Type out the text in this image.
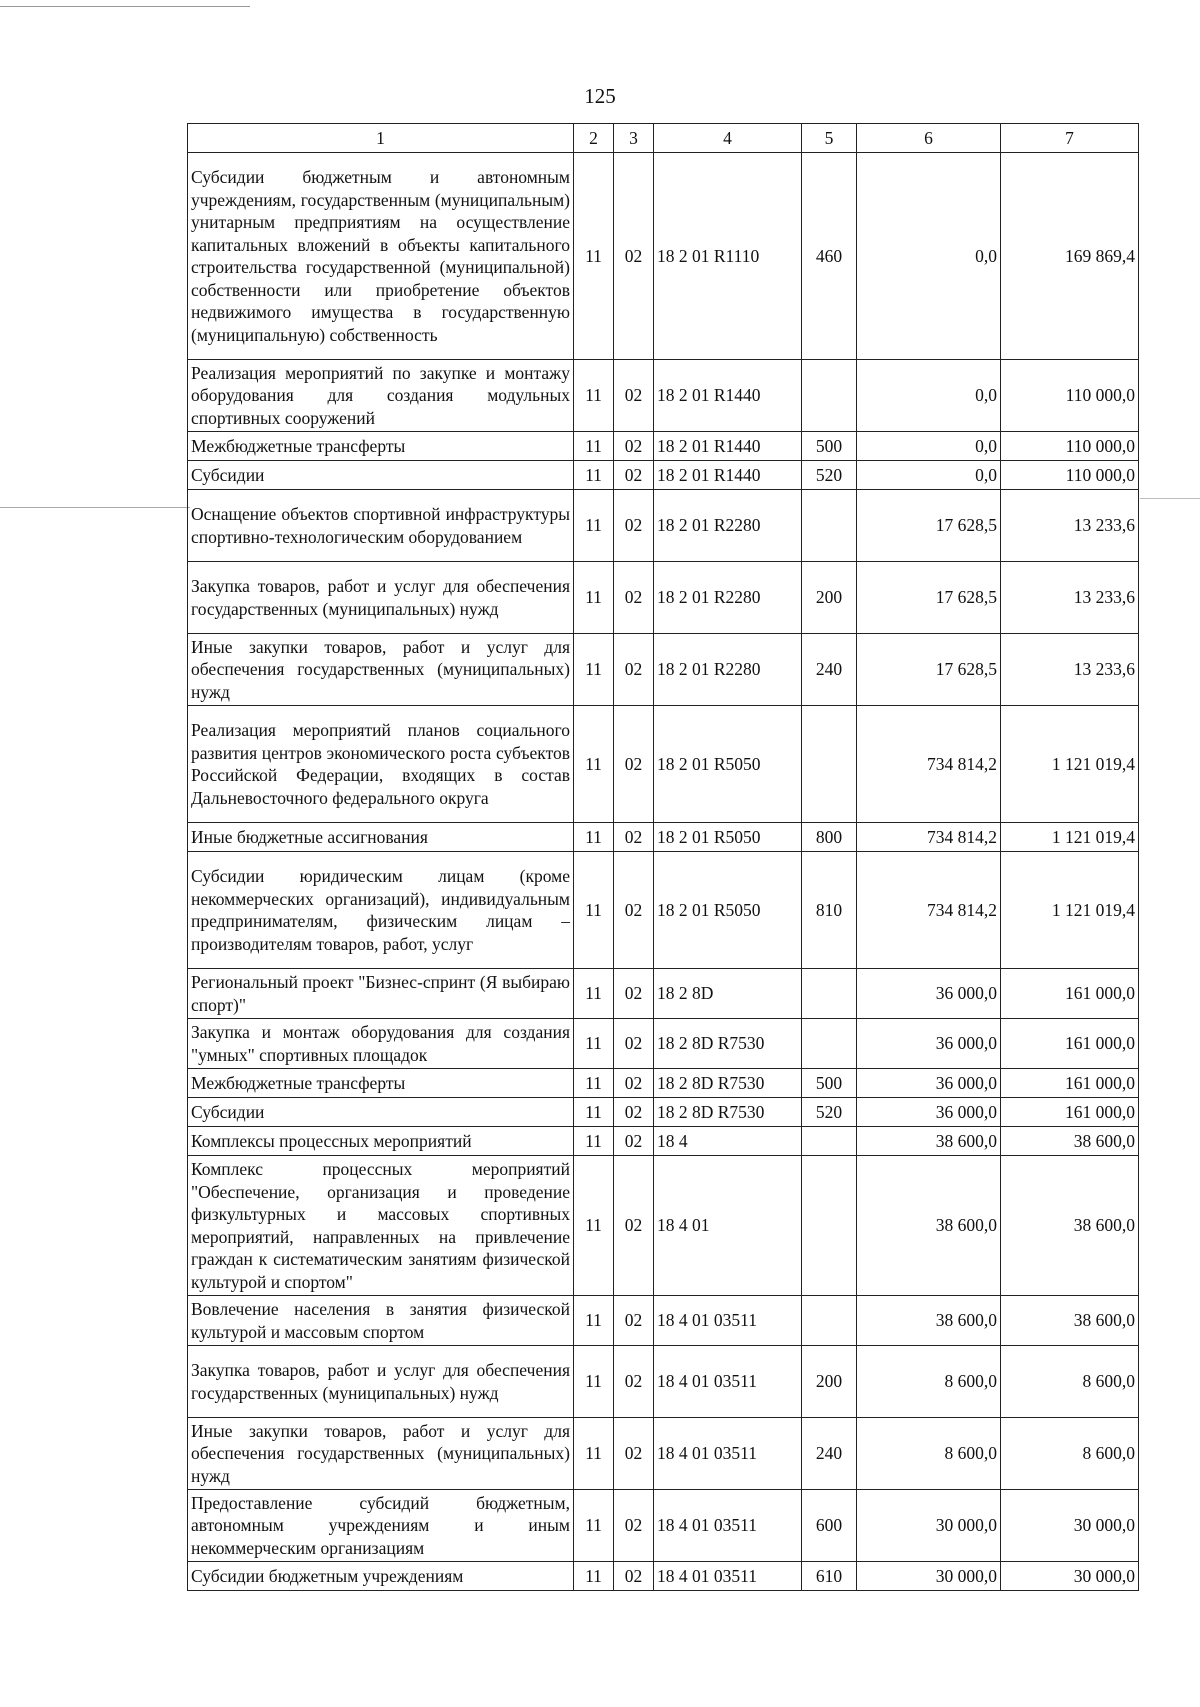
125
1	2	3	4	5	6	7
Субсидии бюджетным и автономным учреждениям, государственным (муниципальным) унитарным предприятиям на осуществление капитальных вложений в объекты капитального строительства государственной (муниципальной) собственности или приобретение объектов недвижимого имущества в государственную (муниципальную) собственность	11	02	18 2 01 R1110	460	0,0	169 869,4
Реализация мероприятий по закупке и монтажу оборудования для создания модульных спортивных сооружений	11	02	18 2 01 R1440		0,0	110 000,0
Межбюджетные трансферты	11	02	18 2 01 R1440	500	0,0	110 000,0
Субсидии	11	02	18 2 01 R1440	520	0,0	110 000,0
Оснащение объектов спортивной инфраструктуры спортивно-технологическим оборудованием	11	02	18 2 01 R2280		17 628,5	13 233,6
Закупка товаров, работ и услуг для обеспечения государственных (муниципальных) нужд	11	02	18 2 01 R2280	200	17 628,5	13 233,6
Иные закупки товаров, работ и услуг для обеспечения государственных (муниципальных) нужд	11	02	18 2 01 R2280	240	17 628,5	13 233,6
Реализация мероприятий планов социального развития центров экономического роста субъектов Российской Федерации, входящих в состав Дальневосточного федерального округа	11	02	18 2 01 R5050		734 814,2	1 121 019,4
Иные бюджетные ассигнования	11	02	18 2 01 R5050	800	734 814,2	1 121 019,4
Субсидии юридическим лицам (кроме некоммерческих организаций), индивидуальным предпринимателям, физическим лицам – производителям товаров, работ, услуг	11	02	18 2 01 R5050	810	734 814,2	1 121 019,4
Региональный проект "Бизнес-спринт (Я выбираю спорт)"	11	02	18 2 8D		36 000,0	161 000,0
Закупка и монтаж оборудования для создания "умных" спортивных площадок	11	02	18 2 8D R7530		36 000,0	161 000,0
Межбюджетные трансферты	11	02	18 2 8D R7530	500	36 000,0	161 000,0
Субсидии	11	02	18 2 8D R7530	520	36 000,0	161 000,0
Комплексы процессных мероприятий	11	02	18 4		38 600,0	38 600,0
Комплекс процессных мероприятий "Обеспечение, организация и проведение физкультурных и массовых спортивных мероприятий, направленных на привлечение граждан к систематическим занятиям физической культурой и спортом"	11	02	18 4 01		38 600,0	38 600,0
Вовлечение населения в занятия физической культурой и массовым спортом	11	02	18 4 01 03511		38 600,0	38 600,0
Закупка товаров, работ и услуг для обеспечения государственных (муниципальных) нужд	11	02	18 4 01 03511	200	8 600,0	8 600,0
Иные закупки товаров, работ и услуг для обеспечения государственных (муниципальных) нужд	11	02	18 4 01 03511	240	8 600,0	8 600,0
Предоставление субсидий бюджетным, автономным учреждениям и иным некоммерческим организациям	11	02	18 4 01 03511	600	30 000,0	30 000,0
Субсидии бюджетным учреждениям	11	02	18 4 01 03511	610	30 000,0	30 000,0
